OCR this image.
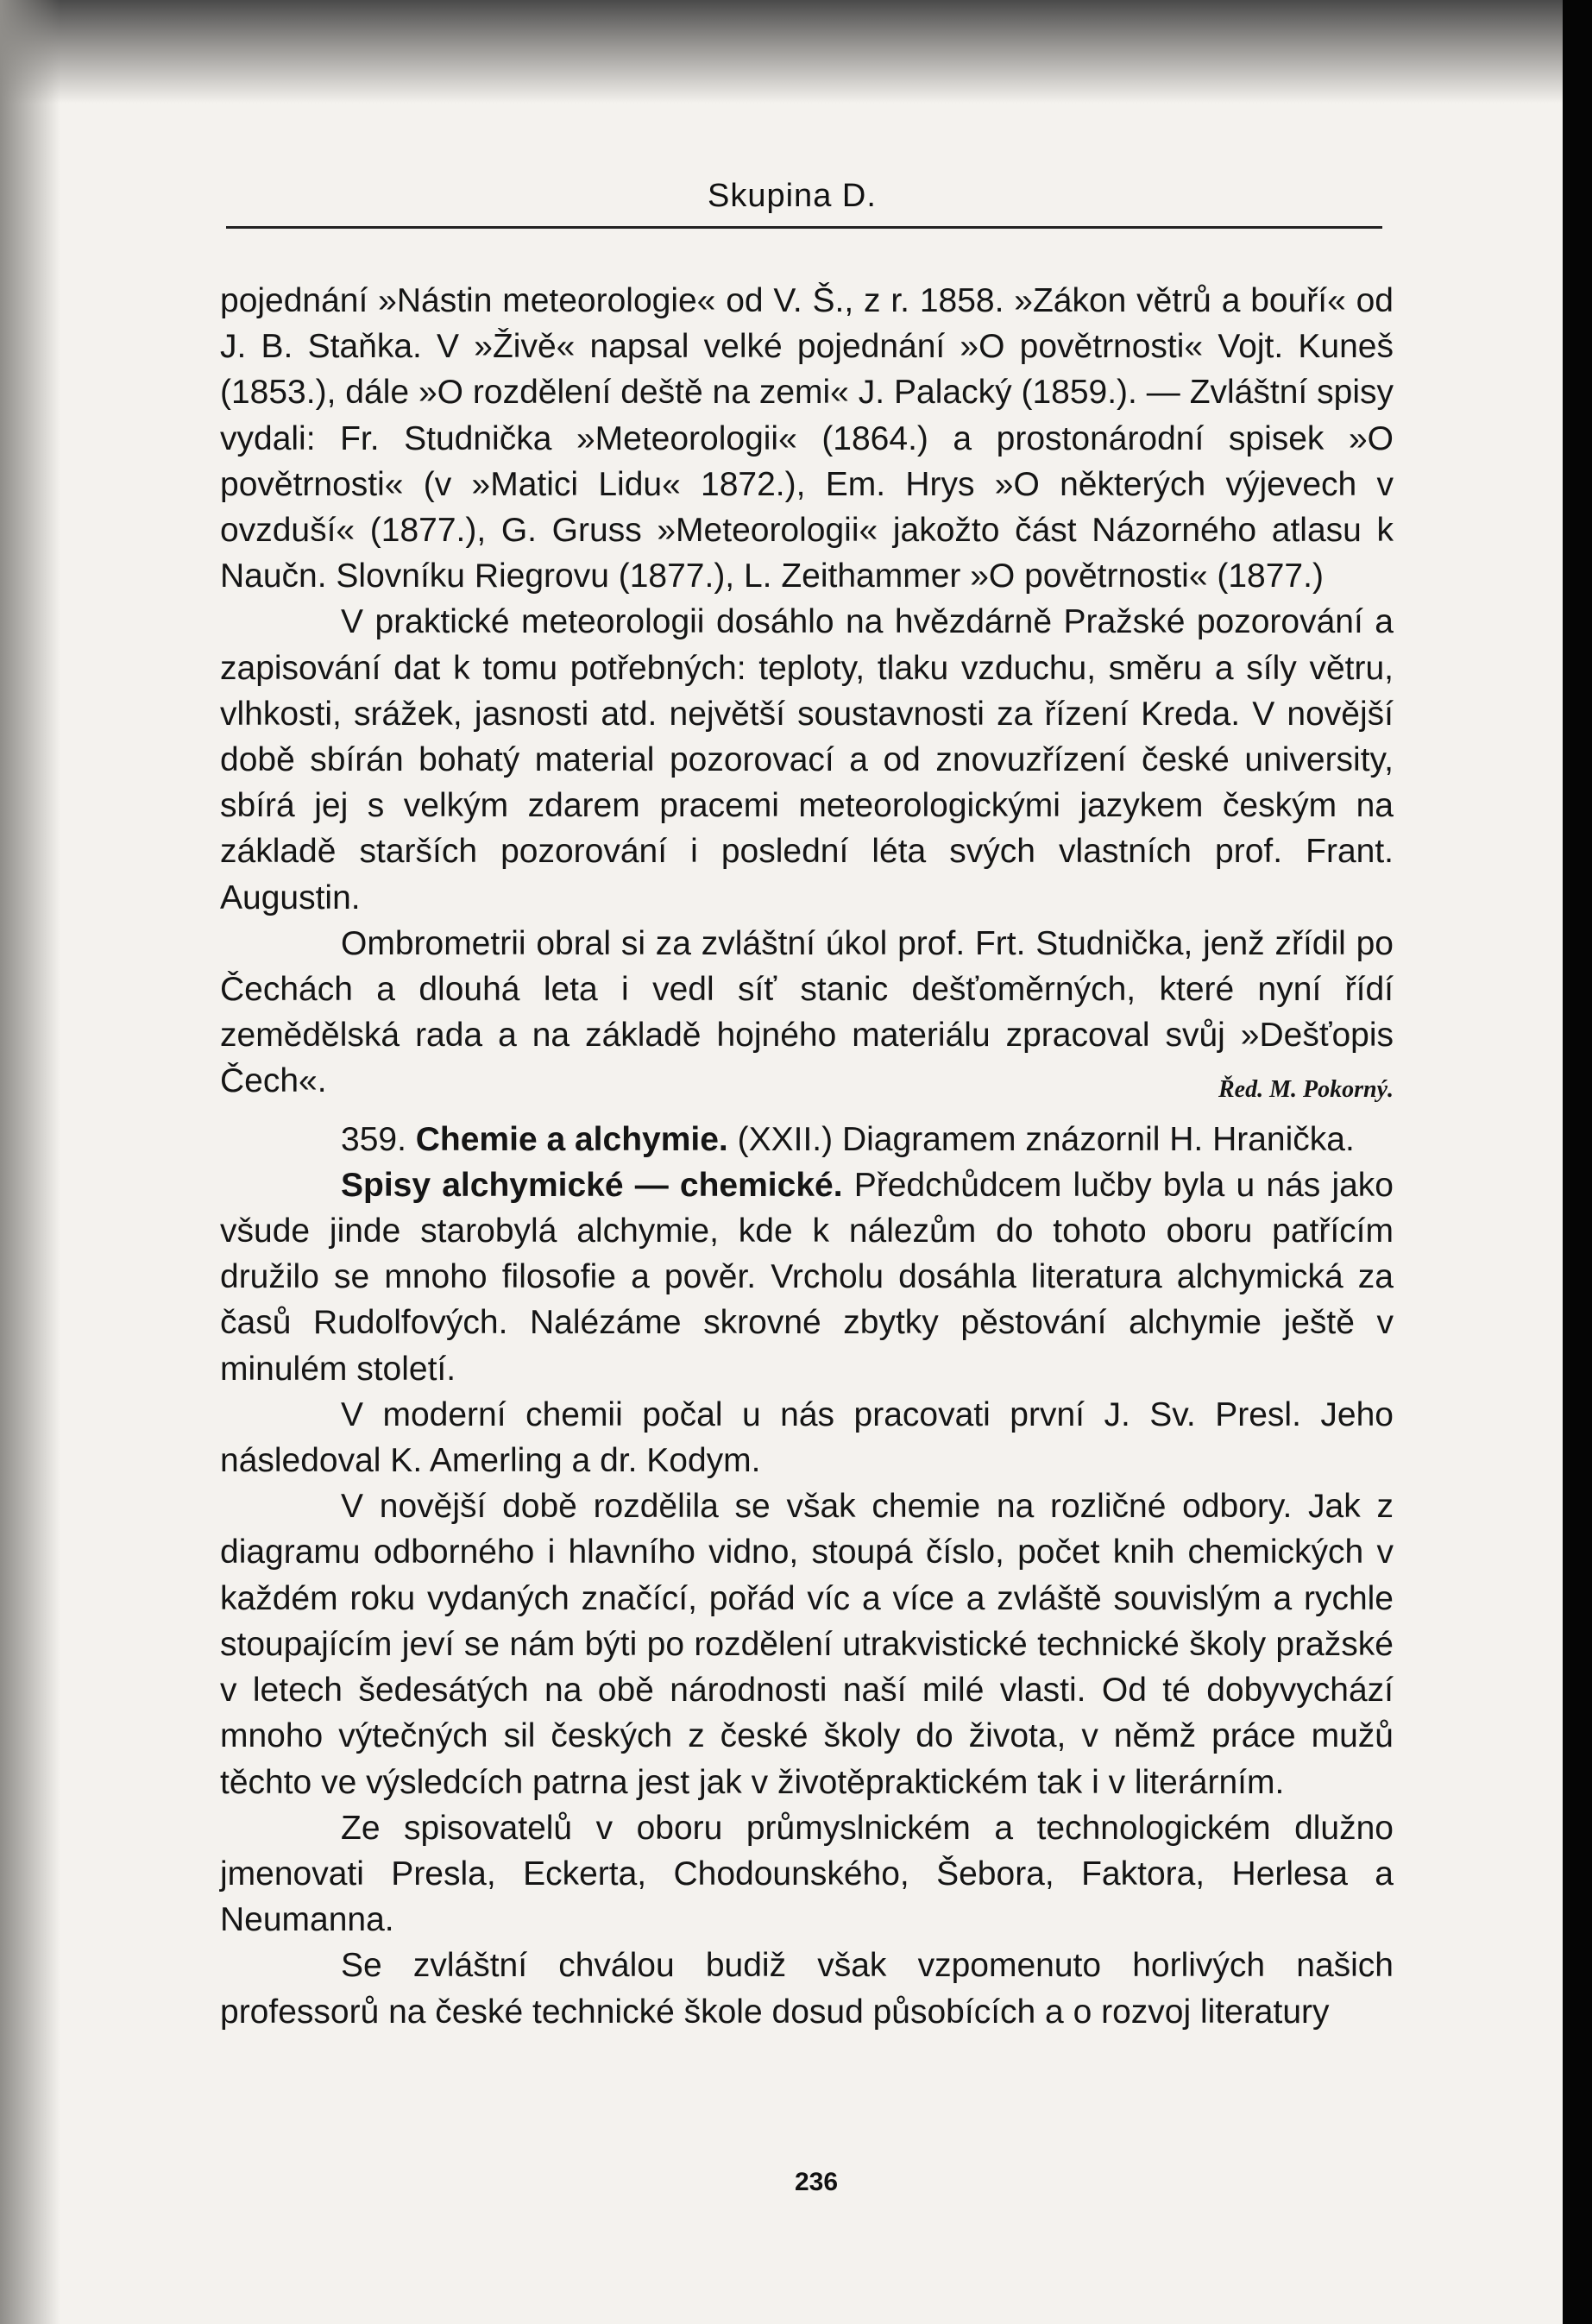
Skupina D.

pojednání »Nástin meteorologie« od V. Š., z r. 1858. »Zákon větrů a bouří« od J. B. Staňka. V »Živě« napsal velké pojednání »O povětrnosti« Vojt. Kuneš (1853.), dále »O rozdělení deště na zemi« J. Palacký (1859.). — Zvláštní spisy vydali: Fr. Studnička »Meteorologii« (1864.) a prostonárodní spisek »O povětrnosti« (v »Matici Lidu« 1872.), Em. Hrys »O některých výjevech v ovzduší« (1877.), G. Gruss »Meteorologii« jakožto část Názorného atlasu k Naučn. Slovníku Riegrovu (1877.), L. Zeithammer »O povětrnosti« (1877.)

V praktické meteorologii dosáhlo na hvězdárně Pražské pozorování a zapisování dat k tomu potřebných: teploty, tlaku vzduchu, směru a síly větru, vlhkosti, srážek, jasnosti atd. největší soustavnosti za řízení Kreda. V novější době sbírán bohatý material pozorovací a od znovuzřízení české university, sbírá jej s velkým zdarem pracemi meteorologickými jazykem českým na základě starších pozorování i poslední léta svých vlastních prof. Frant. Augustin.

Ombrometrii obral si za zvláštní úkol prof. Frt. Studnička, jenž zřídil po Čechách a dlouhá leta i vedl síť stanic dešťoměrných, které nyní řídí zemědělská rada a na základě hojného materiálu zpracoval svůj »Dešťopis Čech«.	Řed. M. Pokorný.

359. Chemie a alchymie. (XXII.) Diagramem znázornil H. Hranička.

Spisy alchymické — chemické. Předchůdcem lučby byla u nás jako všude jinde starobylá alchymie, kde k nálezům do tohoto oboru patřícím družilo se mnoho filosofie a pověr. Vrcholu dosáhla literatura alchymická za časů Rudolfových. Nalézáme skrovné zbytky pěstování alchymie ještě v minulém století.

V moderní chemii počal u nás pracovati první J. Sv. Presl. Jeho následoval K. Amerling a dr. Kodym.

V novější době rozdělila se však chemie na rozličné odbory. Jak z diagramu odborného i hlavního vidno, stoupá číslo, počet knih chemických v každém roku vydaných značící, pořád víc a více a zvláště souvislým a rychle stoupajícím jeví se nám býti po rozdělení utrakvistické technické školy pražské v letech šedesátých na obě národnosti naší milé vlasti. Od té dobyvychází mnoho výtečných sil českých z české školy do života, v němž práce mužů těchto ve výsledcích patrna jest jak v životěpraktickém tak i v literárním.

Ze spisovatelů v oboru průmyslnickém a technologickém dlužno jmenovati Presla, Eckerta, Chodounského, Šebora, Faktora, Herlesa a Neumanna.

Se zvláštní chválou budiž však vzpomenuto horlivých našich professorů na české technické škole dosud působících a o rozvoj literatury

236
